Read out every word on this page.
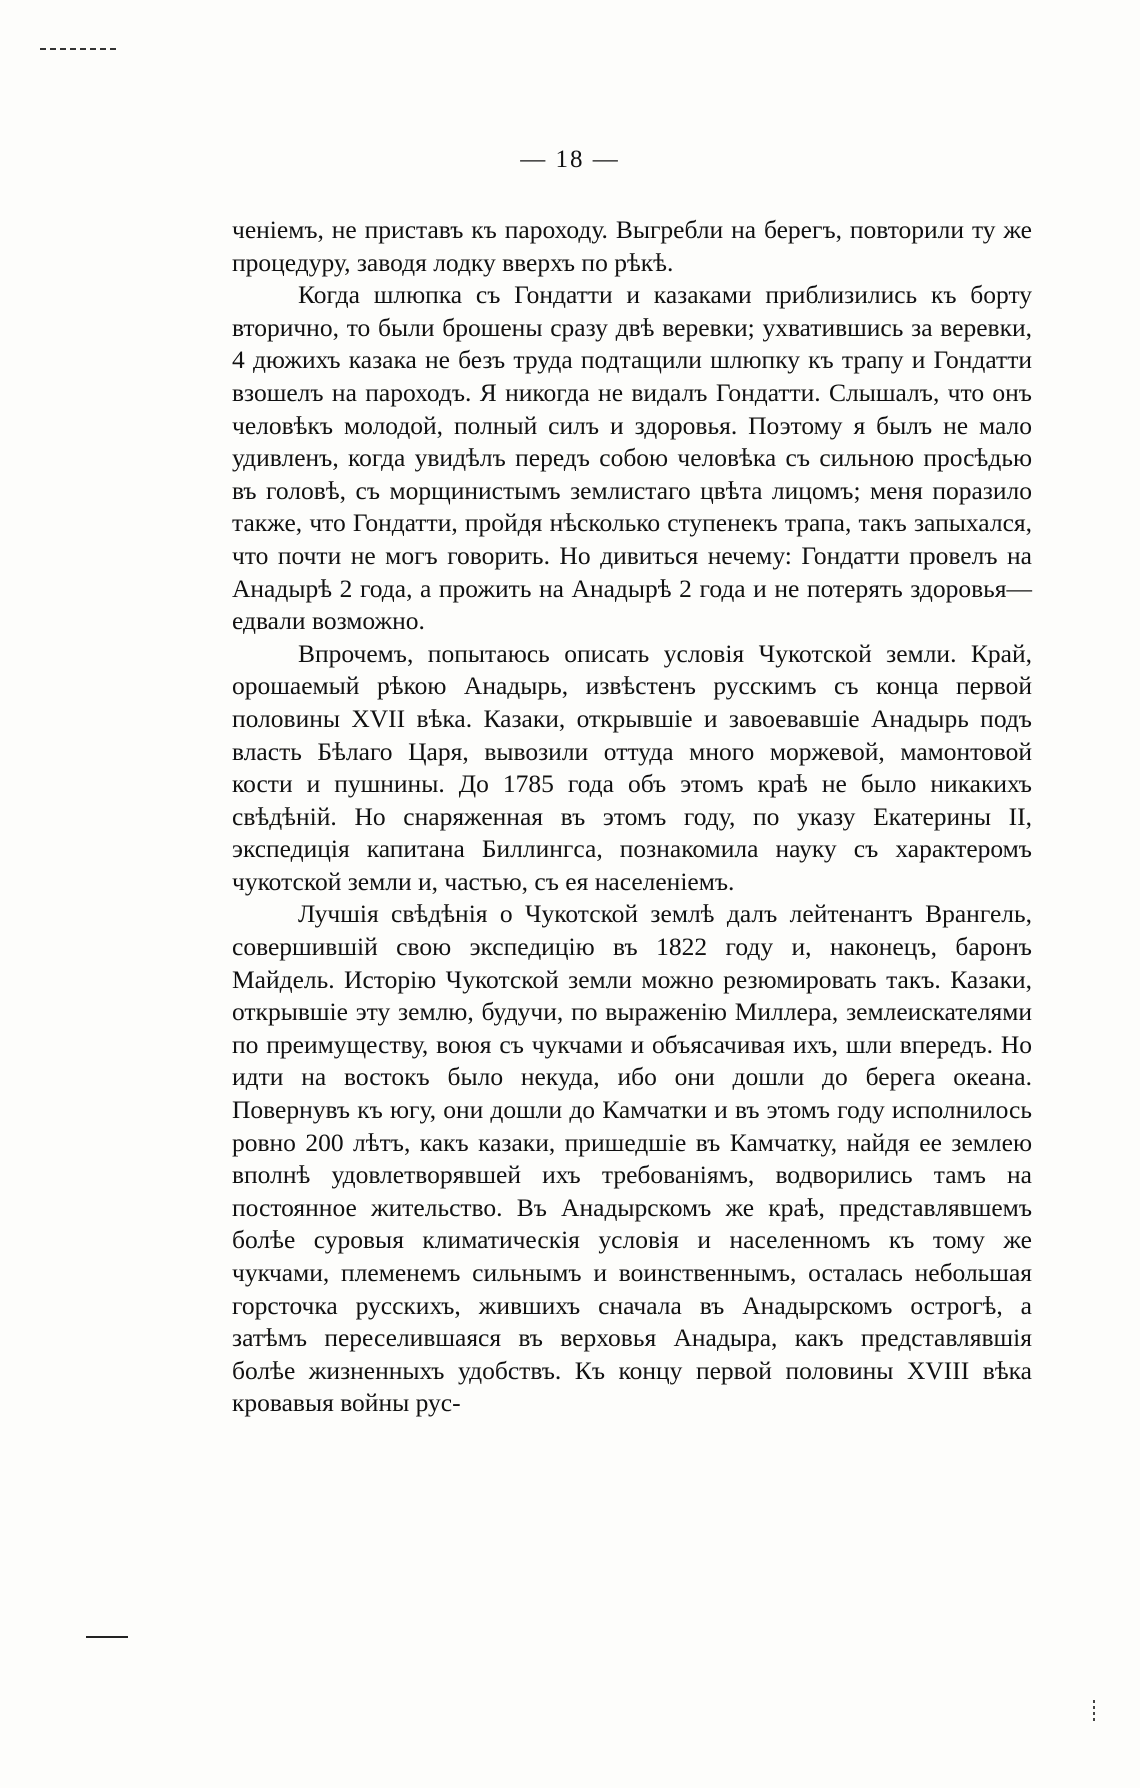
— 18 —

ченіемъ, не приставъ къ пароходу. Выгребли на берегъ, повторили ту же процедуру, заводя лодку вверхъ по рѣкѣ.

Когда шлюпка съ Гондатти и казаками приблизились къ борту вторично, то были брошены сразу двѣ веревки; ухватившись за веревки, 4 дюжихъ казака не безъ труда подтащили шлюпку къ трапу и Гондатти взошелъ на пароходъ. Я никогда не видалъ Гондатти. Слышалъ, что онъ человѣкъ молодой, полный силъ и здоровья. Поэтому я былъ не мало удивленъ, когда увидѣлъ передъ собою человѣка съ сильною просѣдью въ головѣ, съ морщинистымъ землистаго цвѣта лицомъ; меня поразило также, что Гондатти, пройдя нѣсколько ступенекъ трапа, такъ запыхался, что почти не могъ говорить. Но дивиться нечему: Гондатти провелъ на Анадырѣ 2 года, а прожить на Анадырѣ 2 года и не потерять здоровья—едвали возможно.

Впрочемъ, попытаюсь описать условія Чукотской земли. Край, орошаемый рѣкою Анадырь, извѣстенъ русскимъ съ конца первой половины XVII вѣка. Казаки, открывшіе и завоевавшіе Анадырь подъ власть Бѣлаго Царя, вывозили оттуда много моржевой, мамонтовой кости и пушнины. До 1785 года объ этомъ краѣ не было никакихъ свѣдѣній. Но снаряженная въ этомъ году, по указу Екатерины II, экспедиція капитана Биллингса, познакомила науку съ характеромъ чукотской земли и, частью, съ ея населеніемъ.

Лучшія свѣдѣнія о Чукотской землѣ далъ лейтенантъ Врангель, совершившій свою экспедицію въ 1822 году и, наконецъ, баронъ Майдель. Исторію Чукотской земли можно резюмировать такъ. Казаки, открывшіе эту землю, будучи, по выраженію Миллера, землеискателями по преимуществу, воюя съ чукчами и объясачивая ихъ, шли впередъ. Но идти на востокъ было некуда, ибо они дошли до берега океана. Повернувъ къ югу, они дошли до Камчатки и въ этомъ году исполнилось ровно 200 лѣтъ, какъ казаки, пришедшіе въ Камчатку, найдя ее землею вполнѣ удовлетворявшей ихъ требованіямъ, водворились тамъ на постоянное жительство. Въ Анадырскомъ же краѣ, представлявшемъ болѣе суровыя климатическія условія и населенномъ къ тому же чукчами, племенемъ сильнымъ и воинственнымъ, осталась небольшая горсточка русскихъ, жившихъ сначала въ Анадырскомъ острогѣ, а затѣмъ переселившаяся въ верховья Анадыра, какъ представлявшія болѣе жизненныхъ удобствъ. Къ концу первой половины XVIII вѣка кровавыя войны рус-
